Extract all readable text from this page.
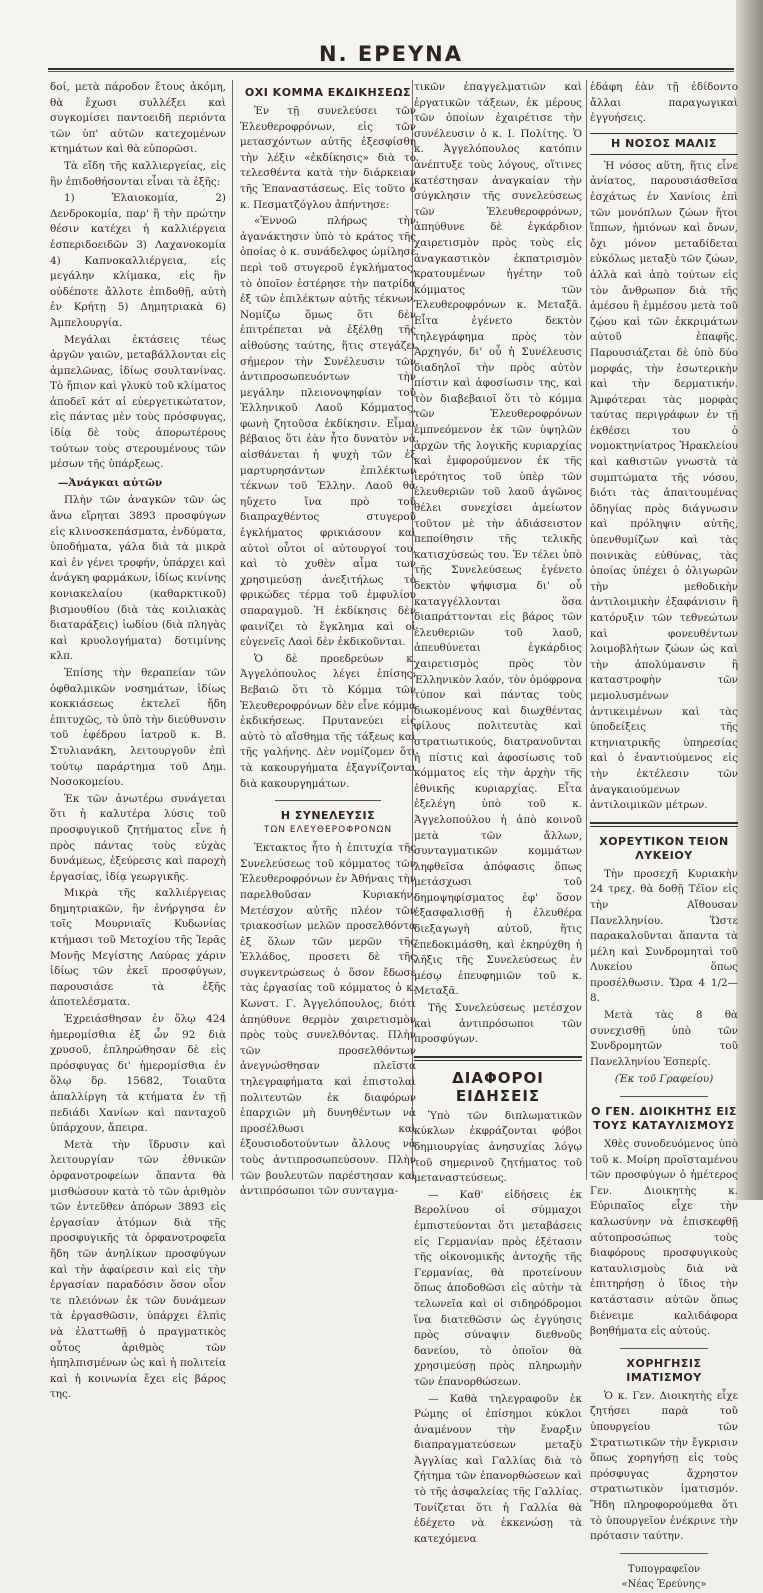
Ν. ΕΡΕΥΝΑ

δοί, μετὰ πάροδον ἔτους ἀκόμη, θὰ ἔχωσι συλλέξει καὶ συγκομίσει παντοειδῆ περιόντα τῶν ὑπ' αὐτῶν κατεχομένων κτημάτων καὶ θὰ εὐπορῶσι.

Τὰ εἴδη τῆς καλλιεργείας, εἰς ἣν ἐπιδοθήσονται εἶναι τὰ ἑξῆς:

1) Ἐλαιοκομία, 2) Δενδροκομία, παρ' ἣ τὴν πρώτην θέσιν κατέχει ἡ καλλιέργεια ἐσπεριδοειδῶν 3) Λαχανοκομία 4) Καπνοκαλλιέργεια, εἰς μεγάλην κλίμακα, εἰς ἣν οὐδέποτε ἄλλοτε ἐπιδοθῇ, αὐτὴ ἐν Κρήτῃ 5) Δημητριακὰ 6) Ἀμπελουργία.

Μεγάλαι ἐκτάσεις τέως ἀργῶν γαιῶν, μεταβάλλονται εἰς ἀμπελῶνας, ἰδίως σουλτανίνας. Τὸ ἤπιον καὶ γλυκὺ τοῦ κλίματος ἀποδεῖ κάτ αἰ εὐεργετικώτατον, εἰς πάντας μὲν τοὺς πρόσφυγας, ἰδίᾳ δὲ τοὺς ἀπορωτέρους τούτων τοὺς στερουμένους τῶν μέσων τῆς ὑπάρξεως.

—Ἀνάγκαι αὐτῶν

Πλὴν τῶν ἀναγκῶν τῶν ὡς ἄνω εἴρηται 3893 προσφύγων εἰς κλινοσκεπάσματα, ἐνδύματα, ὑποδήματα, γάλα διὰ τὰ μικρὰ καὶ ἐν γένει τροφήν, ὑπάρχει καὶ ἀνάγκη φαρμάκων, ἰδίως κινίνης κονιακελαίου (καθαρκτικοῦ) βισμουθίου (διὰ τὰς κοιλιακὰς διαταράξεις) ἰωδίου (διὰ πληγὰς καὶ κρυολογήματα) δοτιμίνης κλπ.

Ἐπίσης τὴν θεραπείαν τῶν ὀφθαλμικῶν νοσημάτων, ἰδίως κοκκιάσεως ἐκτελεῖ ἤδη ἐπιτυχῶς, τὸ ὑπὸ τὴν διεύθυνσιν τοῦ ἐφέδρου ἰατροῦ κ. Β. Στυλιανάκη, λειτουργοῦν ἐπὶ τούτῳ παράρτημα τοῦ Δημ. Νοσοκομείου.

Ἐκ τῶν ἀνωτέρω συνάγεται ὅτι ἡ καλυτέρα λύσις τοῦ προσφυγικοῦ ζητήματος εἶνε ἡ πρὸς πάντας τοὺς εὐχὰς δυνάμεως, ἐξεύρεσις καὶ παροχὴ ἐργασίας, ἰδίᾳ γεωργικῆς.

Μικρὰ τῆς καλλιέργειας δημητριακῶν, ἢν ἐνήργησα ἐν τοῖς Μουρνιαῖς Κυδωνίας κτήμασι τοῦ Μετοχίου τῆς Ἱερᾶς Μονῆς Μεγίστης Λαύρας χάριν ἰδίως τῶν ἐκεῖ προσφύγων, παρουσιάσε τὰ ἑξῆς ἀποτελέσματα.

Ἐχρειάσθησαν ἐν ὅλῳ 424 ἡμερομίσθια ἐξ ὧν 92 διὰ χρυσοῦ, ἐπληρώθησαν δὲ εἰς πρόσφυγας δι' ἡμερομίσθια ἐν ὅλῳ δρ. 15682, Τοιαῦτα ἀπαλλίργη τὰ κτήματα ἐν τῇ πεδιάδι Χανίων καὶ πανταχοῦ ὑπάρχουν, ἄπειρα.

Μετὰ τὴν ἵδρυσιν καὶ λειτουργίαν τῶν ἐθνικῶν ὀρφανοτροφείων ἅπαντα θὰ μισθώσουν κατὰ τὸ τῶν ἀριθμὸν τῶν ἐντεῦθεν ἀπόρων 3893 εἰς ἐργασίαν ἀτόμων διὰ τῆς προσφυγικῆς τὰ ὀρφανοτροφεῖα ἤδη τῶν ἀνηλίκων προσφύγων καὶ τὴν ἀφαίρεσιν καὶ εἰς τὴν ἐργασίαν παραδόσιν ὅσον οἷον τε πλειόνων ἐκ τῶν δυνάμεων τὰ ἐργασθῶσιν, ὑπάρχει ἐλπὶς νὰ ἐλαττωθῇ ὁ πραγματικὸς οὗτος ἀριθμὸς τῶν ἠπηλπισμένων ὡς καὶ ἡ πολιτεία καὶ ἡ κοινωνία ἔχει εἰς βάρος της.

ΟΧΙ ΚΟΜΜΑ ΕΚΔΙΚΗΣΕΩΣ

Ἐν τῇ συνελεύσει τῶν Ἐλευθεροφρόνων, εἰς τῶν μετασχόντων αὐτῆς ἐξεσφίσθη τὴν λέξιν «ἐκδίκησις» διὰ τὸ τελεσθέντα κατὰ τὴν διάρκειαν τῆς Ἐπαναστάσεως. Εἰς τοῦτο ὁ κ. Πεσματζόγλου ἀπήντησε:

«Ἐννοῶ πλήρως τὴν ἀγανάκτησιν ὑπὸ τὸ κράτος τῆς ὁποίας ὁ κ. συνάδελφος ὡμίλησε περὶ τοῦ στυγεροῦ ἐγκλήματος, τὸ ὁποῖον ἐστέρησε τὴν πατρίδα ἐξ τῶν ἐπιλέκτων αὐτῆς τέκνων. Νομίζω ὅμως ὅτι δὲν ἐπιτρέπεται νὰ ἐξέλθῃ τῆς αἰθούσης ταύτης, ἥτις στεγάζει σήμερον τὴν Συνέλευσιν τῶν ἀντιπροσωπευόντων τὴν μεγάλην πλειονοψηφίαν τοῦ Ἑλληνικοῦ Λαοῦ Κόμματος, φωνὴ ζητοῦσα ἐκδίκησιν. Εἶμαι βέβαιος ὅτι ἐὰν ἦτο δυνατὸν νὰ αἰσθάνεται ἡ ψυχὴ τῶν ἐξ μαρτυρησάντων ἐπιλέκτων τέκνων τοῦ Ἑλλην. Λαοῦ θὰ ηὔχετο ἵνα πρὸ τοῦ διαπραχθέντος στυγεροῦ ἐγκλήματος φρικιάσουν καὶ αὐτοὶ οὗτοι οἱ αὐτουργοί του, καὶ τὸ χυθὲν αἷμα των χρησιμεύσῃ ἀνεξιτήλως τὸ φρικώδες τέρμα τοῦ ἐμφυλίου σπαραγμοῦ. Ἡ ἐκδίκησις δὲν φαινίζει τὸ ἔγκλημα καὶ οἱ εὐγενεῖς Λαοὶ δὲν ἐκδικοῦνται.

Ὁ δὲ προεδρεύων κ. Ἀγγελόπουλος λέγει ἐπίσης: Βεβαιῶ ὅτι τὸ Κόμμα τῶν Ἐλευθεροφρόνων δὲν εἶνε κόμμα ἐκδικήσεως. Πρυτανεύει εἰς αὐτὸ τὸ αἴσθημα τῆς τάξεως καὶ τῆς γαλήνης. Δὲν νομίζομεν ὅτι τὰ κακουργήματα ἐξαγνίζονται διὰ κακουργημάτων.

Η ΣΥΝΕΛΕΥΣΙΣ
ΤΩΝ ΕΛΕΥΘΕΡΟΦΡΟΝΩΝ

Ἐκτακτος ἦτο ἡ ἐπιτυχία τῆς Συνελεύσεως τοῦ κόμματος τῶν Ἐλευθεροφρόνων ἐν Ἀθήναις τὴν παρελθοῦσαν Κυριακήν. Μετέσχον αὐτῆς πλέον τῶν τριακοσίων μελῶν προσελθόντα ἐξ ὅλων τῶν μερῶν τῆς Ἑλλάδος, προσετι δὲ τῆς συγκεντρώσεως ὁ ὅσον ἔδωσε τὰς ἐργασίας τοῦ κόμματος ὁ κ. Κωνστ. Γ. Ἀγγελόπουλος, διότι ἀπηύθυνε θερμὸν χαιρετισμὸν πρὸς τοὺς συνελθόντας. Πλὴν τῶν προσελθόντων ἀνεγνώσθησαν πλεῖστα τηλεγραφήματα καὶ ἐπιστολαὶ πολιτευτῶν ἐκ διαφόρων ἐπαρχιῶν μὴ δυνηθέντων νὰ προσέλθωσι καὶ ἐξουσιοδοτούντων ἄλλους νὰ τοὺς ἀντιπροσωπεύσουν. Πλὴν τῶν βουλευτῶν παρέστησαν καὶ ἀντιπρόσωποι τῶν συνταγμα-

τικῶν ἐπαγγελματιῶν καὶ ἐργατικῶν τάξεων, ἐκ μέρους τῶν ὁποίων ἐχαιρέτισε τὴν συνέλευσιν ὁ κ. Ι. Πολίτης. Ὁ κ. Ἀγγελόπουλος κατόπιν ἀνέπτυξε τοὺς λόγους, οἵτινες κατέστησαν ἀναγκαίαν τὴν σύγκλησιν τῆς συνελεύσεως τῶν Ἐλευθεροφρόνων, ἀπηύθυνε δὲ ἐγκάρδιον χαιρετισμὸν πρὸς τοὺς εἰς ἀναγκαστικὸν ἐκπατρισμὸν κρατουμένων ἡγέτην τοῦ κόμματος τῶν Ἐλευθεροφρόνων κ. Μεταξᾶ. Εἶτα ἐγένετο δεκτὸν τηλεγράφημα πρὸς τὸν Ἀρχηγόν, δι' οὗ ἡ Συνέλευσις διαδηλοῖ τὴν πρὸς αὐτὸν πίστιν καὶ ἀφοσίωσιν της, καὶ τὸν διαβεβαιοῖ ὅτι τὸ κόμμα τῶν Ἐλευθεροφρόνων ἐμπνεόμενον ἐκ τῶν ὑψηλῶν ἀρχῶν τῆς λογικῆς κυριαρχίας καὶ ἐμφορούμενον ἐκ τῆς ἱερότητος τοῦ ὑπὲρ τῶν ἐλευθεριῶν τοῦ λαοῦ ἀγῶνος θέλει συνεχίσει ἀμείωτον τοῦτον μὲ τὴν ἀδιάσειστον πεποίθησιν τῆς τελικῆς κατισχύσεώς του. Ἐν τέλει ὑπὸ τῆς Συνελεύσεως ἐγένετο δεκτὸν ψήφισμα δι' οὗ καταγγέλλονται ὅσα διαπράττονται εἰς βάρος τῶν ἐλευθεριῶν τοῦ λαοῦ, ἀπευθύνεται ἐγκάρδιος χαιρετισμὸς πρὸς τὸν Ἑλληνικὸν λαόν, τὸν ὁμόφρονα τύπον καὶ πάντας τοὺς διωκομένους καὶ διωχθέντας φίλους πολιτευτὰς καὶ στρατιωτικούς, διατρανοῦνται ἡ πίστις καὶ ἀφοσίωσις τοῦ κόμματος εἰς τὴν ἀρχὴν τῆς ἐθνικῆς κυριαρχίας. Εἶτα ἐξελέγη ὑπὸ τοῦ κ. Ἀγγελοπούλου ἡ ἀπὸ κοινοῦ μετὰ τῶν ἄλλων, συνταγματικῶν κομμάτων ληφθεῖσα ἀπόφασις ὅπως μετάσχωσι τοῦ δημοψηφίσματος ἐφ' ὅσον ἐξασφαλισθῇ ἡ ἐλευθέρα διεξαγωγὴ αὐτοῦ, ἥτις ἐπεδοκιμάσθη, καὶ ἐκηρύχθη ἡ λῆξις τῆς Συνελεύσεως ἐν μέσῳ ἐπευφημιῶν τοῦ κ. Μεταξᾶ.

Τῆς Συνελεύσεως μετέσχον καὶ ἀντιπρόσωποι τῶν προσφύγων.

ΔΙΑΦΟΡΟΙ ΕΙΔΗΣΕΙΣ

Ὑπὸ τῶν διπλωματικῶν κύκλων ἐκφράζονται φόβοι δημιουργίας ἀνησυχίας λόγῳ τοῦ σημερινοῦ ζητήματος τοῦ μεταναστεύσεως.

— Καθ' εἰδήσεις ἐκ Βερολίνου οἱ σύμμαχοι ἐμπιστεύονται ὅτι μεταβάσεις εἰς Γερμανίαν πρὸς ἐξέτασιν τῆς οἰκονομικῆς ἀντοχῆς τῆς Γερμανίας, θὰ προτείνουν ὅπως ἀποδοθῶσι εἰς αὐτὴν τὰ τελωνεῖα καὶ οἱ σιδηρόδρομοι ἵνα διατεθῶσιν ὡς ἐγγύησις πρὸς σύναψιν διεθνοῦς δανείου, τὸ ὁποῖον θὰ χρησιμεύσῃ πρὸς πληρωμὴν τῶν ἐπανορθώσεων.

— Καθὰ τηλεγραφοῦν ἐκ Ρώμης οἱ ἐπίσημοι κύκλοι ἀναμένουν τὴν ἔναρξιν διαπραγματεύσεων μεταξὺ Ἀγγλίας καὶ Γαλλίας διὰ τὸ ζήτημα τῶν ἐπανορθώσεων καὶ τὸ τῆς ἀσφαλείας τῆς Γαλλίας. Τονίζεται ὅτι ἡ Γαλλία θὰ ἐδέχετο νὰ ἐκκενώσῃ τὰ κατεχόμενα

ἐδάφη ἐὰν τῇ ἐδίδοντο ἄλλαι παραγωγικαὶ ἐγγυήσεις.

Η ΝΟΣΟΣ ΜΑΛΙΣ

Ἡ νόσος αὕτη, ἥτις εἶνε ἀνίατος, παρουσιάσθεῖσα ἐσχάτως ἐν Χανίοις ἐπὶ τῶν μονόπλων ζώων ἤτοι ἵππων, ἡμιόνων καὶ ὄνων, ὄχι μόνον μεταδίδεται εὐκόλως μεταξὺ τῶν ζώων, ἀλλὰ καὶ ἀπὸ τούτων εἰς τὸν ἄνθρωπον διὰ τῆς ἀμέσου ἢ ἐμμέσου μετὰ τοῦ ζῴου καὶ τῶν ἐκκριμάτων αὐτοῦ ἐπαφῆς. Παρουσιάζεται δὲ ὑπὸ δύο μορφάς, τὴν ἐσωτερικὴν καὶ τὴν δερματικήν. Ἀμφότεραι τὰς μορφὰς ταύτας περιγράφων ἐν τῇ ἐκθέσει του ὁ νομοκτηνίατρος Ἡρακλείου καὶ καθιστῶν γνωστὰ τὰ συμπτώματα τῆς νόσου, διότι τὰς ἀπαιτουμένας ὁδηγίας πρὸς διάγνωσιν καὶ πρόληψιν αὐτῆς, ὑπενθυμίζων καὶ τὰς ποινικὰς εὐθύνας, τὰς ὁποίας ὑπέχει ὁ ὀλιγωρῶν τὴν μεθοδικὴν ἀντιλοιμικὴν ἐξαφάνισιν ἢ κατόρυξιν τῶν τεθνεώτων καὶ φονευθέντων λοιμοβλήτων ζώων ὡς καὶ τὴν ἀπολύμανσιν ἢ καταστροφὴν τῶν μεμολυσμένων ἀντικειμένων καὶ τὰς ὑποδείξεις τῆς κτηνιατρικῆς ὑπηρεσίας καὶ ὁ ἐναντιούμενος εἰς τὴν ἐκτέλεσιν τῶν ἀναγκαιούμενων ἀντιλοιμικῶν μέτρων.

ΧΟΡΕΥΤΙΚΟΝ ΤΕΙΟΝ ΛΥΚΕΙΟΥ

Τὴν προσεχῆ Κυριακὴν 24 τρεχ. θὰ δοθῇ Τέϊον εἰς τὴν Αἴθουσαν Πανελληνίου. Ὥστε παρακαλοῦνται ἅπαντα τὰ μέλη καὶ Συνδρομηταὶ τοῦ Λυκείου ὅπως προσέλθωσιν. Ὥρα 4 1/2—8.

Μετὰ τὰς 8 θὰ συνεχισθῇ ὑπὸ τῶν Συνδρομητῶν τοῦ Πανελληνίου Ἑσπερίς.

(Ἐκ τοῦ Γραφείου)
Ο ΓΕΝ. ΔΙΟΙΚΗΤΗΣ ΕΙΣ ΤΟΥΣ ΚΑΤΑΥΛΙΣΜΟΥΣ

Χθὲς συνοδευόμενος ὑπὸ τοῦ κ. Μοίρη προϊσταμένου τῶν προσφύγων ὁ ἡμέτερος Γεν. Διοικητὴς κ. Εὐριπαῖος εἶχε τὴν καλωσύνην νὰ ἐπισκεφθῇ αὐτοπροσώπως τοὺς διαφόρους προσφυγικοὺς καταυλισμοὺς διὰ νὰ ἐπιτηρήσῃ ὁ ἴδιος τὴν κατάστασιν αὐτῶν ὅπως διένειμε καλιδάφορα βοηθήματα εἰς αὐτούς.

ΧΟΡΗΓΗΣΙΣ ΙΜΑΤΙΣΜΟΥ

Ὁ κ. Γεν. Διοικητὴς εἶχε ζητήσει παρὰ τοῦ ὑπουργείου τῶν Στρατιωτικῶν τὴν ἔγκρισιν ὅπως χορηγήσῃ εἰς τοὺς πρόσφυγας ἄχρηστον στρατιωτικὸν ἱματισμόν. Ἤδη πληροφορούμεθα ὅτι τὸ ὑπουργεῖον ἐνέκρινε τὴν πρότασιν ταύτην.

Τυπογραφεῖον
«Νέας Ἐρεύνης»
